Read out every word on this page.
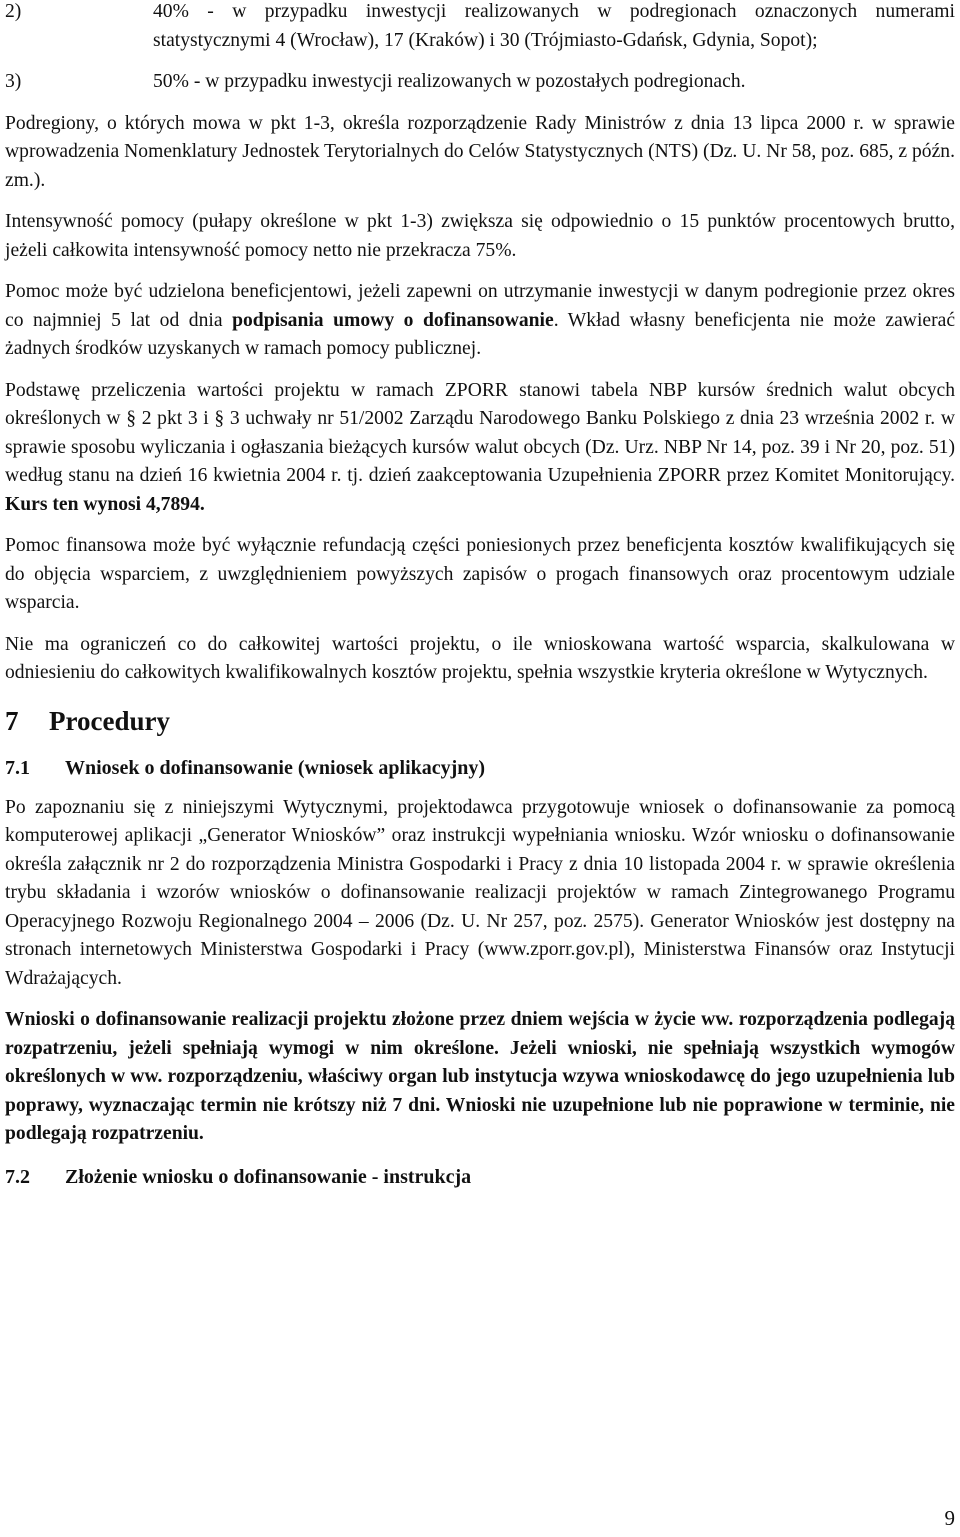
2)	40% - w przypadku inwestycji realizowanych w podregionach oznaczonych numerami statystycznymi 4 (Wrocław), 17 (Kraków) i 30 (Trójmiasto-Gdańsk, Gdynia, Sopot);
3)	50% - w przypadku inwestycji realizowanych w pozostałych podregionach.

Podregiony, o których mowa w pkt 1-3, określa rozporządzenie Rady Ministrów z dnia 13 lipca 2000 r. w sprawie wprowadzenia Nomenklatury Jednostek Terytorialnych do Celów Statystycznych (NTS) (Dz. U. Nr 58, poz. 685, z późn. zm.).

Intensywność pomocy (pułapy określone w pkt 1-3) zwiększa się odpowiednio o 15 punktów procentowych brutto, jeżeli całkowita intensywność pomocy netto nie przekracza 75%.

Pomoc może być udzielona beneficjentowi, jeżeli zapewni on utrzymanie inwestycji w danym podregionie przez okres co najmniej 5 lat od dnia podpisania umowy o dofinansowanie. Wkład własny beneficjenta nie może zawierać żadnych środków uzyskanych w ramach pomocy publicznej.

Podstawę przeliczenia wartości projektu w ramach ZPORR stanowi tabela NBP kursów średnich walut obcych określonych w § 2 pkt 3 i § 3 uchwały nr 51/2002 Zarządu Narodowego Banku Polskiego z dnia 23 września 2002 r. w sprawie sposobu wyliczania i ogłaszania bieżących kursów walut obcych (Dz. Urz. NBP Nr 14, poz. 39 i Nr 20, poz. 51) według stanu na dzień 16 kwietnia 2004 r. tj. dzień zaakceptowania Uzupełnienia ZPORR przez Komitet Monitorujący. Kurs ten wynosi 4,7894.

Pomoc finansowa może być wyłącznie refundacją części poniesionych przez beneficjenta kosztów kwalifikujących się do objęcia wsparciem, z uwzględnieniem powyższych zapisów o progach finansowych oraz procentowym udziale wsparcia.

Nie ma ograniczeń co do całkowitej wartości projektu, o ile wnioskowana wartość wsparcia, skalkulowana w odniesieniu do całkowitych kwalifikowalnych kosztów projektu, spełnia wszystkie kryteria określone w Wytycznych.

7	Procedury
7.1	Wniosek o dofinansowanie (wniosek aplikacyjny)

Po zapoznaniu się z niniejszymi Wytycznymi, projektodawca przygotowuje wniosek o dofinansowanie za pomocą komputerowej aplikacji „Generator Wniosków” oraz instrukcji wypełniania wniosku. Wzór wniosku o dofinansowanie określa załącznik nr 2 do rozporządzenia Ministra Gospodarki i Pracy z dnia 10 listopada 2004 r. w sprawie określenia trybu składania i wzorów wniosków o dofinansowanie realizacji projektów w ramach Zintegrowanego Programu Operacyjnego Rozwoju Regionalnego 2004 – 2006 (Dz. U. Nr 257, poz. 2575). Generator Wniosków jest dostępny na stronach internetowych Ministerstwa Gospodarki i Pracy (www.zporr.gov.pl), Ministerstwa Finansów oraz Instytucji Wdrażających.

Wnioski o dofinansowanie realizacji projektu złożone przez dniem wejścia w życie ww. rozporządzenia podlegają rozpatrzeniu, jeżeli spełniają wymogi w nim określone. Jeżeli wnioski, nie spełniają wszystkich wymogów określonych w ww. rozporządzeniu, właściwy organ lub instytucja wzywa wnioskodawcę do jego uzupełnienia lub poprawy, wyznaczając termin nie krótszy niż 7 dni. Wnioski nie uzupełnione lub nie poprawione w terminie, nie podlegają rozpatrzeniu.

7.2	Złożenie wniosku o dofinansowanie - instrukcja
9
